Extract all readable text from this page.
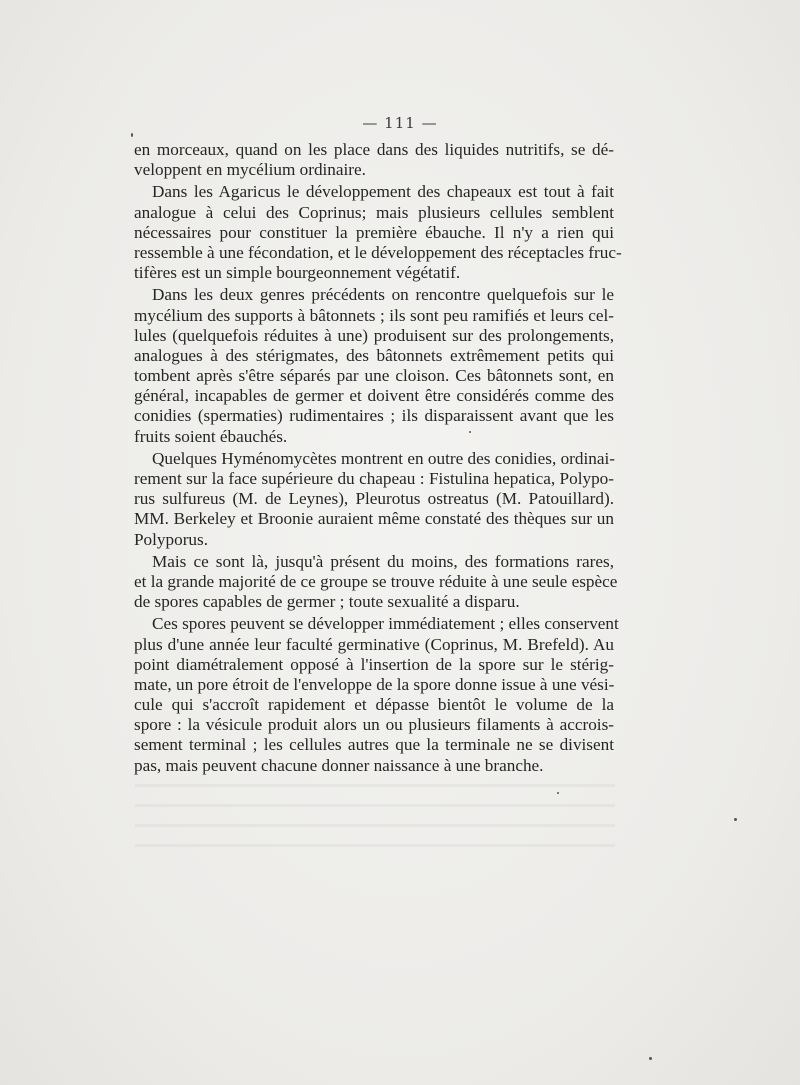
— 111 —
en morceaux, quand on les place dans des liquides nutritifs, se dé-
veloppent en mycélium ordinaire.
Dans les Agaricus le développement des chapeaux est tout à fait
analogue à celui des Coprinus; mais plusieurs cellules semblent
nécessaires pour constituer la première ébauche. Il n'y a rien qui
ressemble à une fécondation, et le développement des réceptacles fruc-
tifères est un simple bourgeonnement végétatif.
Dans les deux genres précédents on rencontre quelquefois sur le
mycélium des supports à bâtonnets ; ils sont peu ramifiés et leurs cel-
lules (quelquefois réduites à une) produisent sur des prolongements,
analogues à des stérigmates, des bâtonnets extrêmement petits qui
tombent après s'être séparés par une cloison. Ces bâtonnets sont, en
général, incapables de germer et doivent être considérés comme des
conidies (spermaties) rudimentaires ; ils disparaissent avant que les
fruits soient ébauchés.
Quelques Hyménomycètes montrent en outre des conidies, ordinai-
rement sur la face supérieure du chapeau : Fistulina hepatica, Polypo-
rus sulfureus (M. de Leynes), Pleurotus ostreatus (M. Patouillard).
MM. Berkeley et Broonie auraient même constaté des thèques sur un
Polyporus.
Mais ce sont là, jusqu'à présent du moins, des formations rares,
et la grande majorité de ce groupe se trouve réduite à une seule espèce
de spores capables de germer ; toute sexualité a disparu.
Ces spores peuvent se développer immédiatement ; elles conservent
plus d'une année leur faculté germinative (Coprinus, M. Brefeld). Au
point diamétralement opposé à l'insertion de la spore sur le stérig-
mate, un pore étroit de l'enveloppe de la spore donne issue à une vési-
cule qui s'accroît rapidement et dépasse bientôt le volume de la
spore : la vésicule produit alors un ou plusieurs filaments à accrois-
sement terminal ; les cellules autres que la terminale ne se divisent
pas, mais peuvent chacune donner naissance à une branche.
